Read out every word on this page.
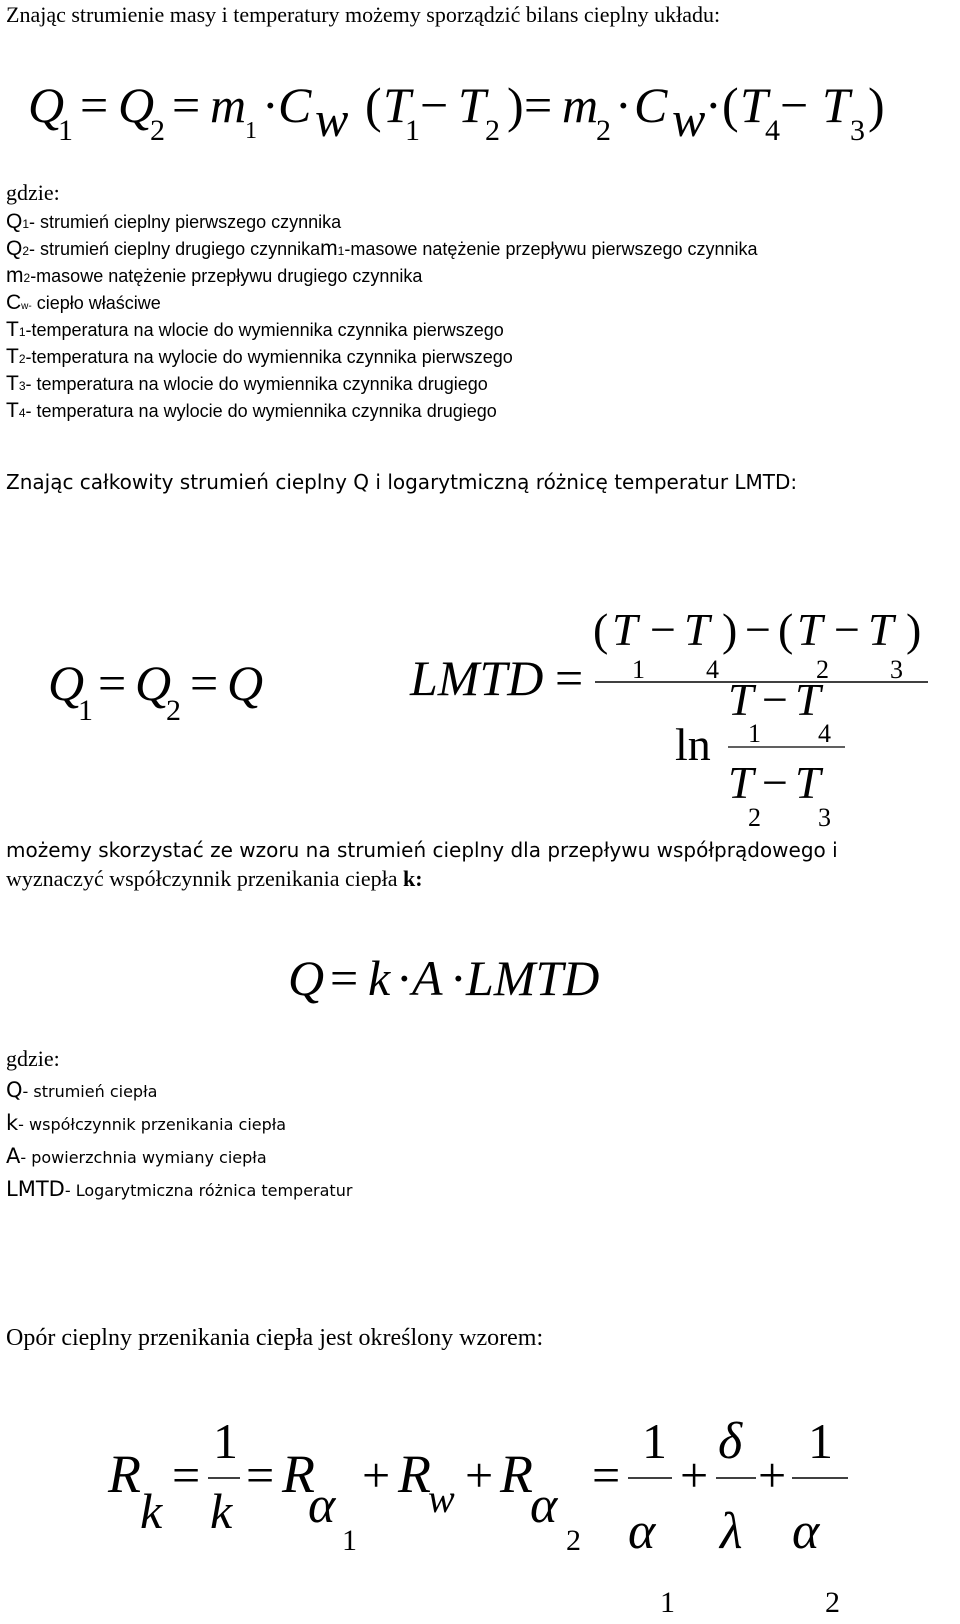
Znając strumienie masy i temperatury możemy sporządzić bilans cieplny układu:
Q Q m C w T T m C w T T
= = · ( − ) = · · ( − )
1	2	1	1 2	2	4 3
gdzie:
Q1- strumień cieplny pierwszego czynnika
Q2- strumień cieplny drugiego czynnikam1-masowe natężenie przepływu pierwszego czynnika
m2-masowe natężenie przepływu drugiego czynnika
Cw- ciepło właściwe
T1-temperatura na wlocie do wymiennika czynnika pierwszego
T2-temperatura na wylocie do wymiennika czynnika pierwszego
T3- temperatura na wlocie do wymiennika czynnika drugiego
T4- temperatura na wylocie do wymiennika czynnika drugiego
Znając całkowity strumień cieplny Q i logarytmiczną różnicę temperatur LMTD:
Q Q Q
= =
1 2
LMTD =
( − ) − ( − )
T T T T
1 4	2 3
ln
T T
T T
−
−
1 4
2 3
możemy skorzystać ze wzoru na strumień cieplny dla przepływu współprądowego i
wyznaczyć współczynnik przenikania ciepła k:
Q k A LMTD
= · ·
gdzie:
Q- strumień ciepła
k- współczynnik przenikania ciepła
A- powierzchnia wymiany ciepła
LMTD- Logarytmiczna różnica temperatur
Opór cieplny przenikania ciepła jest określony wzorem:
R
k k
R
α
R
w R
α α
δ
λ α
=
1
= + + =
1
+ +
1
1	2
1	2
